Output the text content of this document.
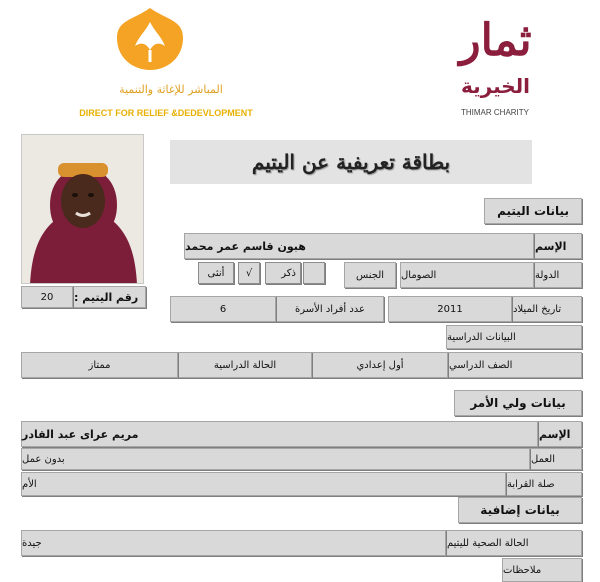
المباشر للإغاثة والتنمية
DIRECT FOR RELIEF &DEDEVLOPMENT
ثمار
الخيرية
THIMAR CHARITY
رقم اليتيم :
20
بطاقة تعريفية عن اليتيم
بيانات اليتيم
الإسم
هبون قاسم عمر محمد
الدولة
الصومال
الجنس
ذكر
√
أنثى
تاريخ الميلاد
2011
عدد أفراد الأسرة
6
البيانات الدراسية
الصف الدراسي
أول إعدادي
الحالة الدراسية
ممتاز
بيانات ولي الأمر
الإسم
مريم عراى عبد القادر
العمل
بدون عمل
صلة القرابة
الأم
بيانات إضافية
الحالة الصحية لليتيم
جيدة
ملاحظات
